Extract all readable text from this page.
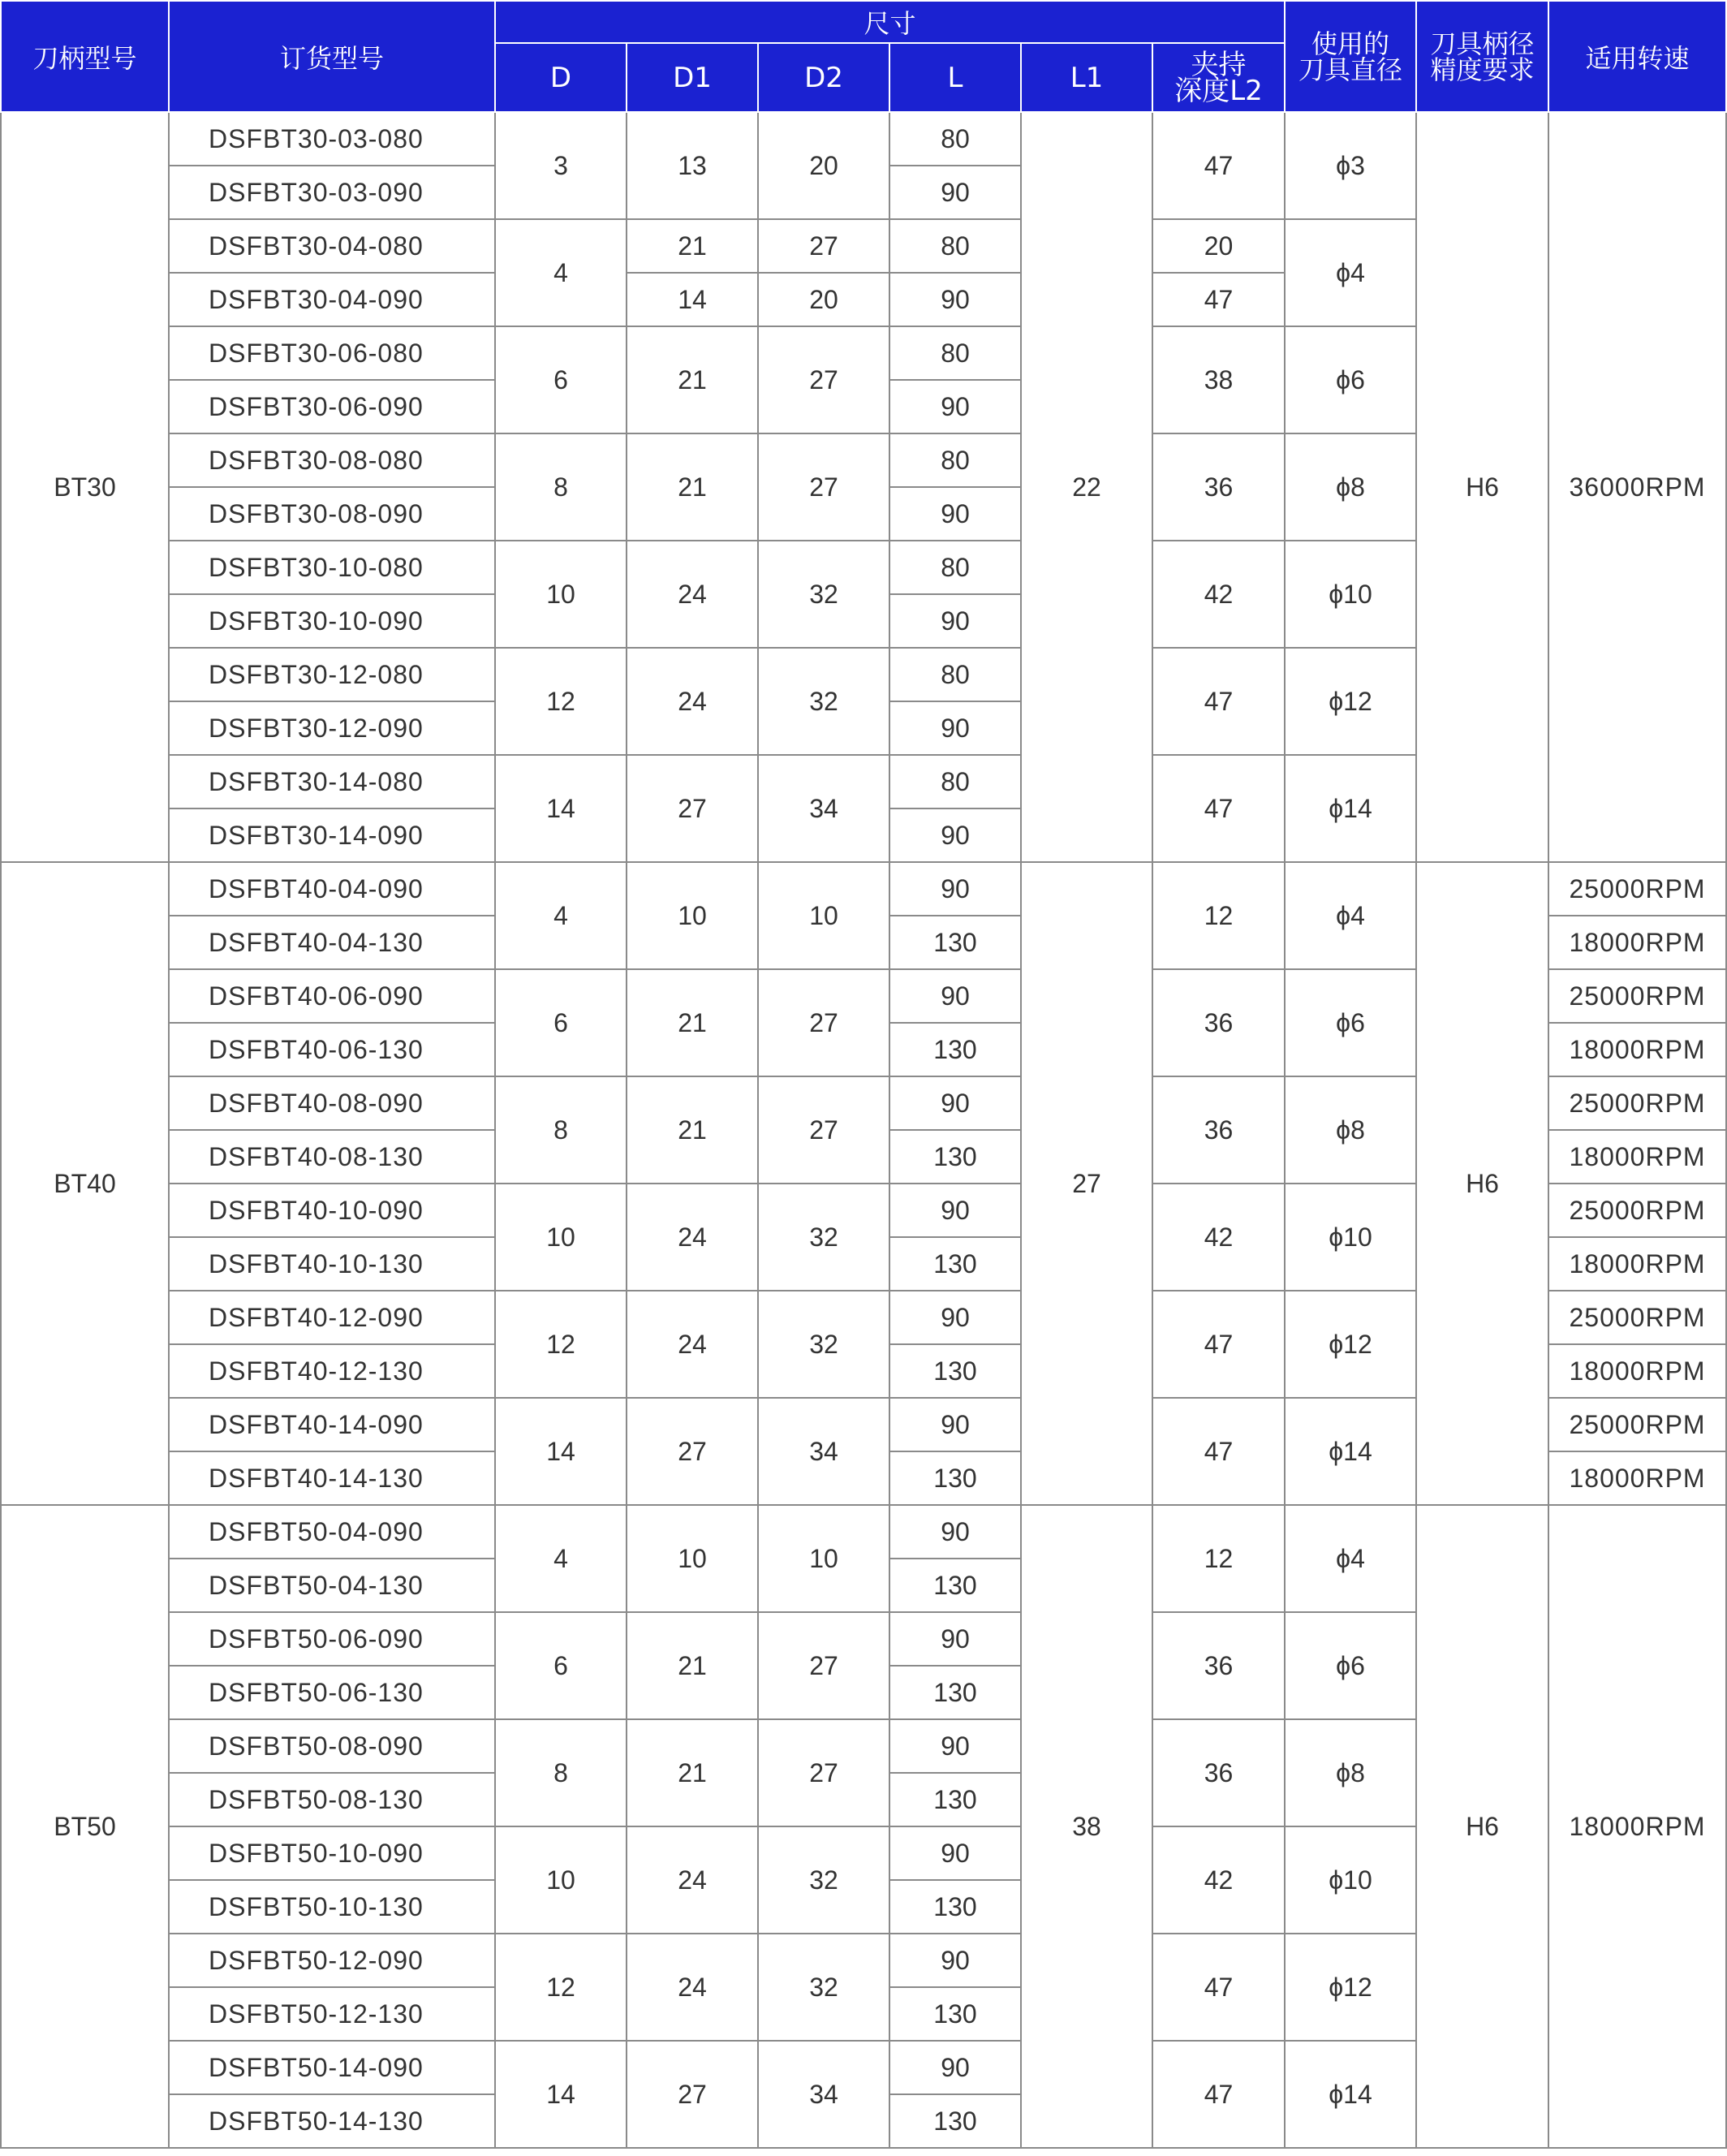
刀柄型号	订货型号	尺寸						使用的
刀具直径	刀具柄径
精度要求	适用转速
		D	D1	D2	L	L1	夹持
深度L2			
BT30	DSFBT30-03-080	3	13	20	80	22	47	ϕ3	H6	36000RPM
	DSFBT30-03-090				90					
	DSFBT30-04-080	4	21	27	80		20	ϕ4		
	DSFBT30-04-090		14	20	90		47			
	DSFBT30-06-080	6	21	27	80		38	ϕ6		
	DSFBT30-06-090				90					
	DSFBT30-08-080	8	21	27	80		36	ϕ8		
	DSFBT30-08-090				90					
	DSFBT30-10-080	10	24	32	80		42	ϕ10		
	DSFBT30-10-090				90					
	DSFBT30-12-080	12	24	32	80		47	ϕ12		
	DSFBT30-12-090				90					
	DSFBT30-14-080	14	27	34	80		47	ϕ14		
	DSFBT30-14-090				90					
BT40	DSFBT40-04-090	4	10	10	90	27	12	ϕ4	H6	25000RPM
	DSFBT40-04-130				130					18000RPM
	DSFBT40-06-090	6	21	27	90		36	ϕ6		25000RPM
	DSFBT40-06-130				130					18000RPM
	DSFBT40-08-090	8	21	27	90		36	ϕ8		25000RPM
	DSFBT40-08-130				130					18000RPM
	DSFBT40-10-090	10	24	32	90		42	ϕ10		25000RPM
	DSFBT40-10-130				130					18000RPM
	DSFBT40-12-090	12	24	32	90		47	ϕ12		25000RPM
	DSFBT40-12-130				130					18000RPM
	DSFBT40-14-090	14	27	34	90		47	ϕ14		25000RPM
	DSFBT40-14-130				130					18000RPM
BT50	DSFBT50-04-090	4	10	10	90	38	12	ϕ4	H6	18000RPM
	DSFBT50-04-130				130					
	DSFBT50-06-090	6	21	27	90		36	ϕ6		
	DSFBT50-06-130				130					
	DSFBT50-08-090	8	21	27	90		36	ϕ8		
	DSFBT50-08-130				130					
	DSFBT50-10-090	10	24	32	90		42	ϕ10		
	DSFBT50-10-130				130					
	DSFBT50-12-090	12	24	32	90		47	ϕ12		
	DSFBT50-12-130				130					
	DSFBT50-14-090	14	27	34	90		47	ϕ14		
	DSFBT50-14-130				130					
